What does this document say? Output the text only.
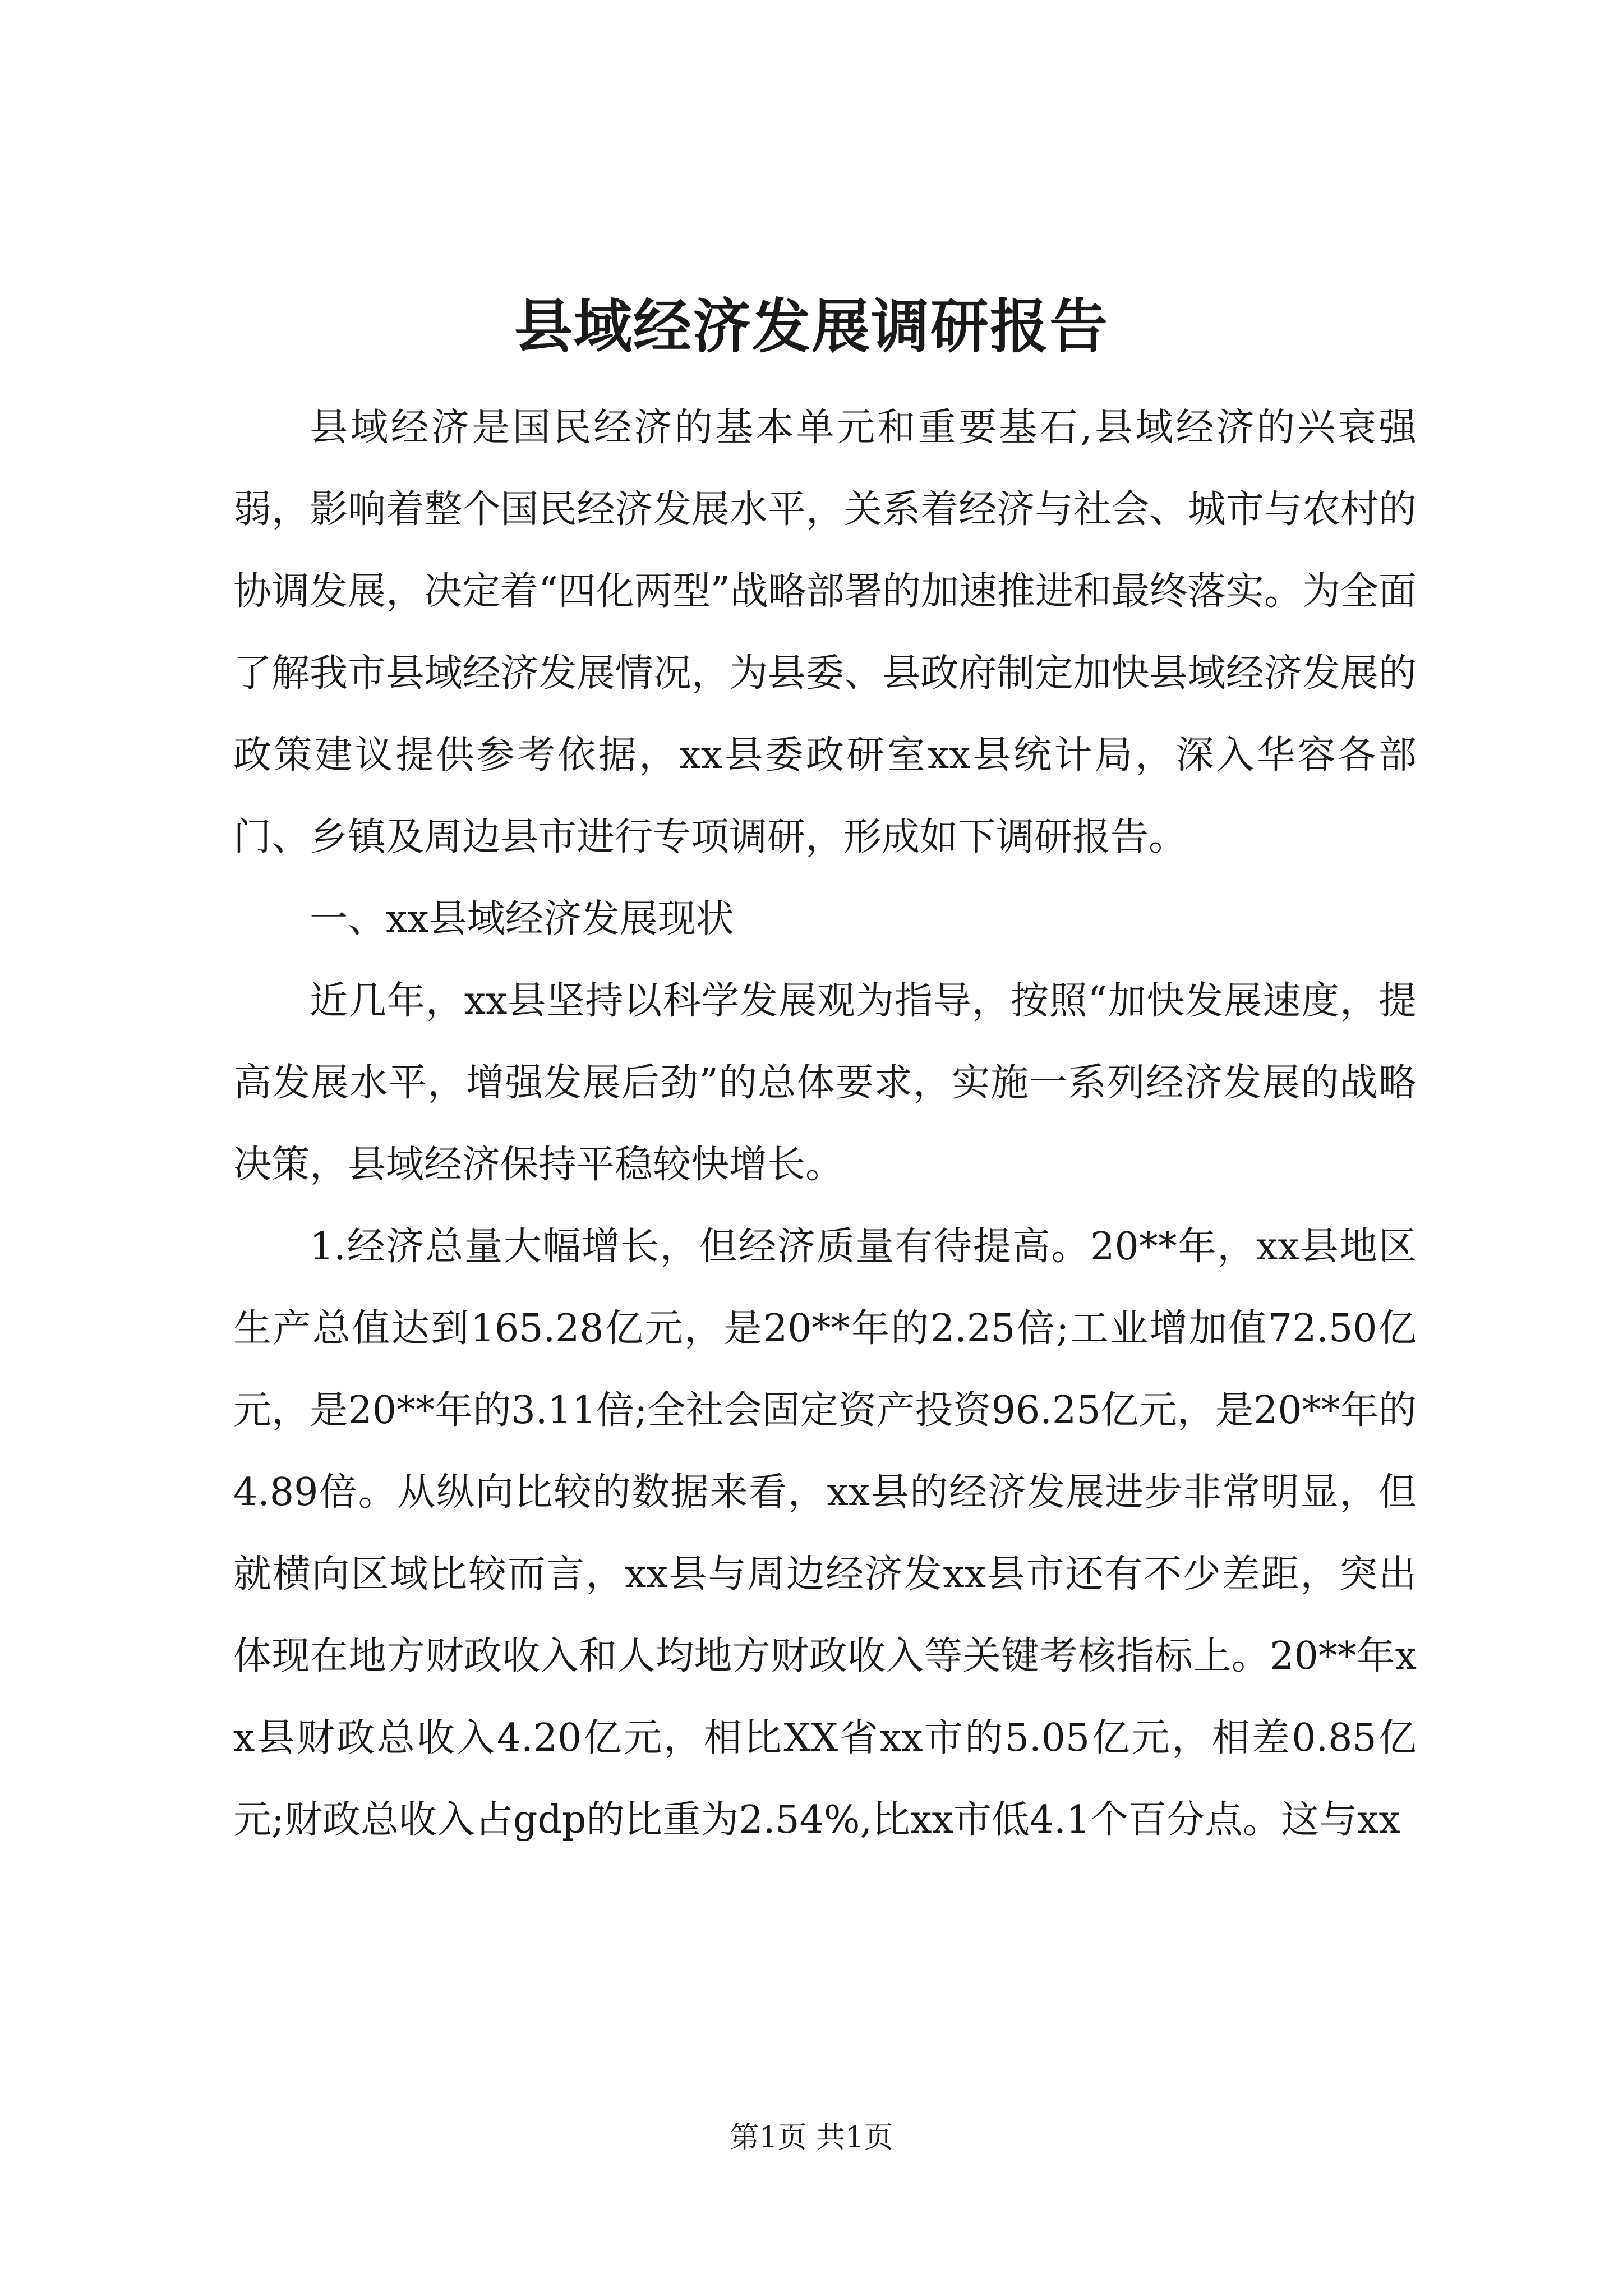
县域经济发展调研报告

县域经济是国民经济的基本单元和重要基石,县域经济的兴衰强弱，影响着整个国民经济发展水平，关系着经济与社会、城市与农村的协调发展，决定着“四化两型”战略部署的加速推进和最终落实。为全面了解我市县域经济发展情况，为县委、县政府制定加快县域经济发展的政策建议提供参考依据，xx县委政研室xx县统计局，深入华容各部门、乡镇及周边县市进行专项调研，形成如下调研报告。

一、xx县域经济发展现状

近几年，xx县坚持以科学发展观为指导，按照“加快发展速度，提高发展水平，增强发展后劲”的总体要求，实施一系列经济发展的战略决策，县域经济保持平稳较快增长。

1.经济总量大幅增长，但经济质量有待提高。20**年，xx县地区生产总值达到165.28亿元，是20**年的2.25倍;工业增加值72.50亿元，是20**年的3.11倍;全社会固定资产投资96.25亿元，是20**年的4.89倍。从纵向比较的数据来看，xx县的经济发展进步非常明显，但就横向区域比较而言，xx县与周边经济发xx县市还有不少差距，突出体现在地方财政收入和人均地方财政收入等关键考核指标上。20**年xx县财政总收入4.20亿元，相比XX省xx市的5.05亿元，相差0.85亿元;财政总收入占gdp的比重为2.54%,比xx市低4.1个百分点。这与xx

第1页 共1页
